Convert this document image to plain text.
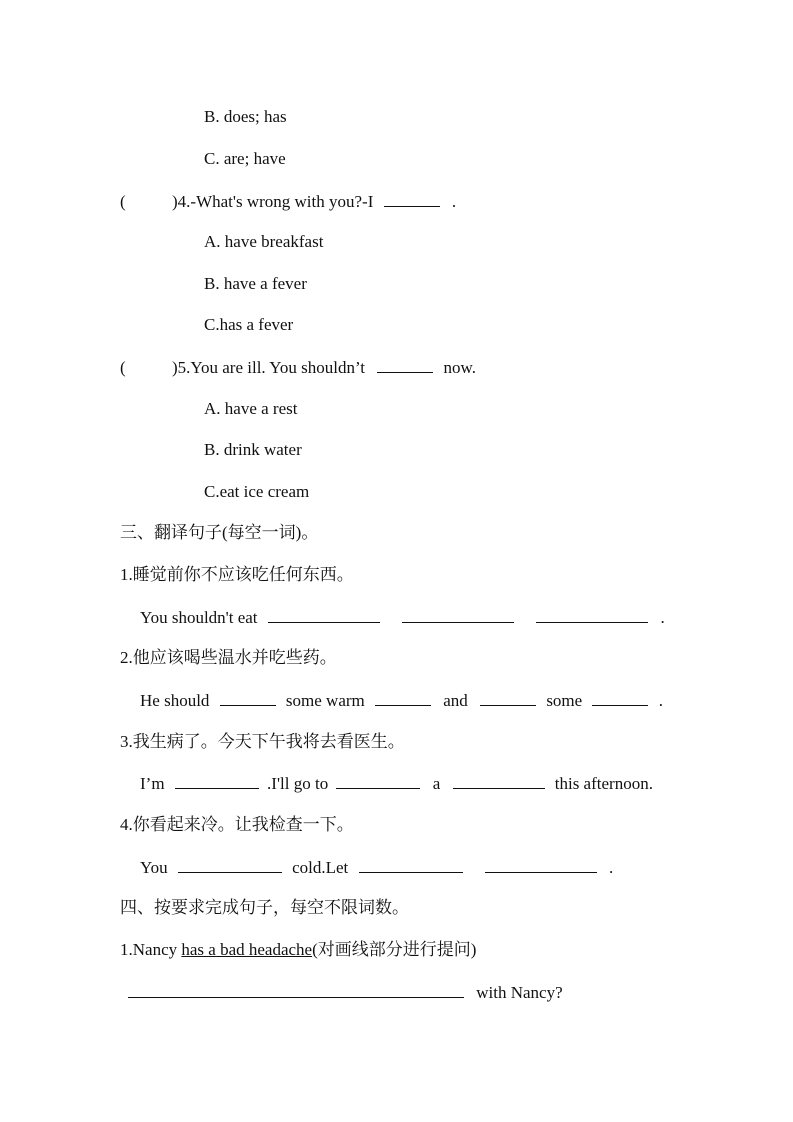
B. does; has
C. are; have
(	)4.-What's wrong with you?-I	.
A. have breakfast
B. have a fever
C.has a fever
(	)5.You are ill. You shouldn’t	now.
A. have a rest
B. drink water
C.eat ice cream
三、翻译句子(每空一词)。
1.睡觉前你不应该吃任何东西。
You shouldn't eat	.
2.他应该喝些温水并吃些药。
He should	some warm	and	some	.
3.我生病了。今天下午我将去看医生。
I’m	.I'll go to	a	this afternoon.
4.你看起来冷。让我检查一下。
You	cold.Let	.
四、按要求完成句子，每空不限词数。
1.Nancy has a bad headache(对画线部分进行提问)
with Nancy?
